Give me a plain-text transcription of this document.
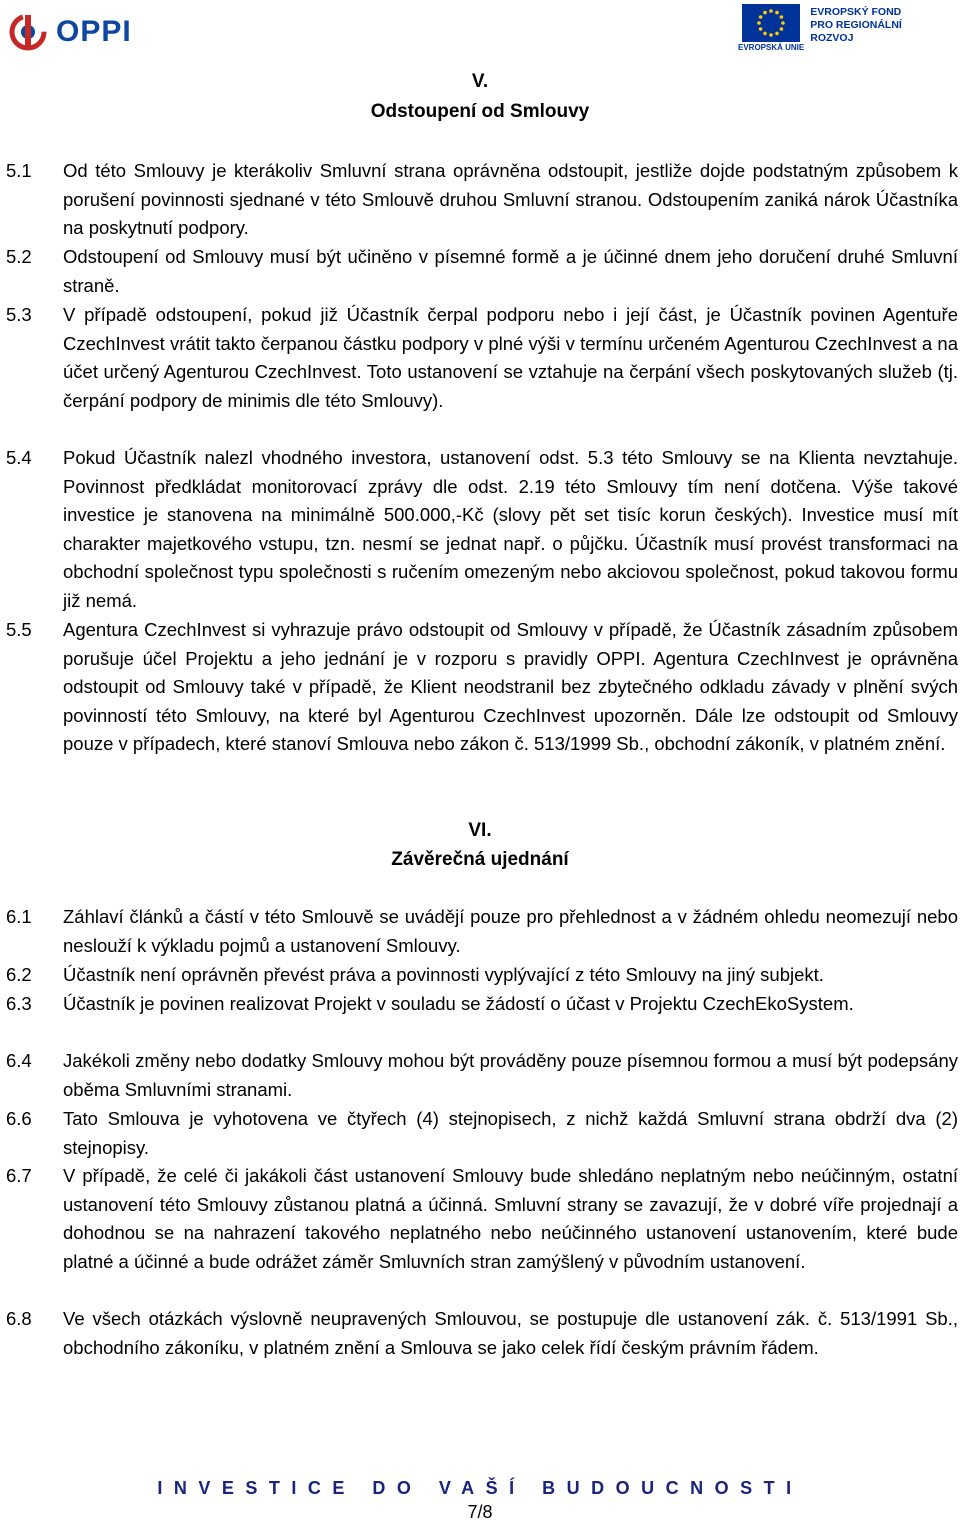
OPPI	EVROPSKÁ UNIE
EVROPSKÝ FOND
PRO REGIONÁLNÍ
ROZVOJ
V.
Odstoupení od Smlouvy
5.1	Od této Smlouvy je kterákoliv Smluvní strana oprávněna odstoupit, jestliže dojde podstatným způsobem k porušení povinnosti sjednané v této Smlouvě druhou Smluvní stranou. Odstoupením zaniká nárok Účastníka na poskytnutí podpory.
5.2	Odstoupení od Smlouvy musí být učiněno v písemné formě a je účinné dnem jeho doručení druhé Smluvní straně.
5.3	V případě odstoupení, pokud již Účastník čerpal podporu nebo i její část, je Účastník povinen Agentuře CzechInvest vrátit takto čerpanou částku podpory v plné výši v termínu určeném Agenturou CzechInvest a na účet určený Agenturou CzechInvest. Toto ustanovení se vztahuje na čerpání všech poskytovaných služeb (tj. čerpání podpory de minimis dle této Smlouvy).
5.4	Pokud Účastník nalezl vhodného investora, ustanovení odst. 5.3 této Smlouvy se na Klienta nevztahuje. Povinnost předkládat monitorovací zprávy dle odst. 2.19 této Smlouvy tím není dotčena. Výše takové investice je stanovena na minimálně 500.000,-Kč (slovy pět set tisíc korun českých). Investice musí mít charakter majetkového vstupu, tzn. nesmí se jednat např. o půjčku. Účastník musí provést transformaci na obchodní společnost typu společnosti s ručením omezeným nebo akciovou společnost, pokud takovou formu již nemá.
5.5	Agentura CzechInvest si vyhrazuje právo odstoupit od Smlouvy v případě, že Účastník zásadním způsobem porušuje účel Projektu a jeho jednání je v rozporu s pravidly OPPI. Agentura CzechInvest je oprávněna odstoupit od Smlouvy také v případě, že Klient neodstranil bez zbytečného odkladu závady v plnění svých povinností této Smlouvy, na které byl Agenturou CzechInvest upozorněn. Dále lze odstoupit od Smlouvy pouze v případech, které stanoví Smlouva nebo zákon č. 513/1999 Sb., obchodní zákoník, v platném znění.
VI.
Závěrečná ujednání
6.1	Záhlaví článků a částí v této Smlouvě se uvádějí pouze pro přehlednost a v žádném ohledu neomezují nebo neslouží k výkladu pojmů a ustanovení Smlouvy.
6.2	Účastník není oprávněn převést práva a povinnosti vyplývající z této Smlouvy na jiný subjekt.
6.3	Účastník je povinen realizovat Projekt v souladu se žádostí o účast v Projektu CzechEkoSystem.
6.4	Jakékoli změny nebo dodatky Smlouvy mohou být prováděny pouze písemnou formou a musí být podepsány oběma Smluvními stranami.
6.6	Tato Smlouva je vyhotovena ve čtyřech (4) stejnopisech, z nichž každá Smluvní strana obdrží dva (2) stejnopisy.
6.7	V případě, že celé či jakákoli část ustanovení Smlouvy bude shledáno neplatným nebo neúčinným, ostatní ustanovení této Smlouvy zůstanou platná a účinná. Smluvní strany se zavazují, že v dobré víře projednají a dohodnou se na nahrazení takového neplatného nebo neúčinného ustanovení ustanovením, které bude platné a účinné a bude odrážet záměr Smluvních stran zamýšlený v původním ustanovení.
6.8	Ve všech otázkách výslovně neupravených Smlouvou, se postupuje dle ustanovení zák. č. 513/1991 Sb., obchodního zákoníku, v platném znění a Smlouva se jako celek řídí českým právním řádem.
INVESTICE DO VAŠÍ BUDOUCNOSTI
7/8
